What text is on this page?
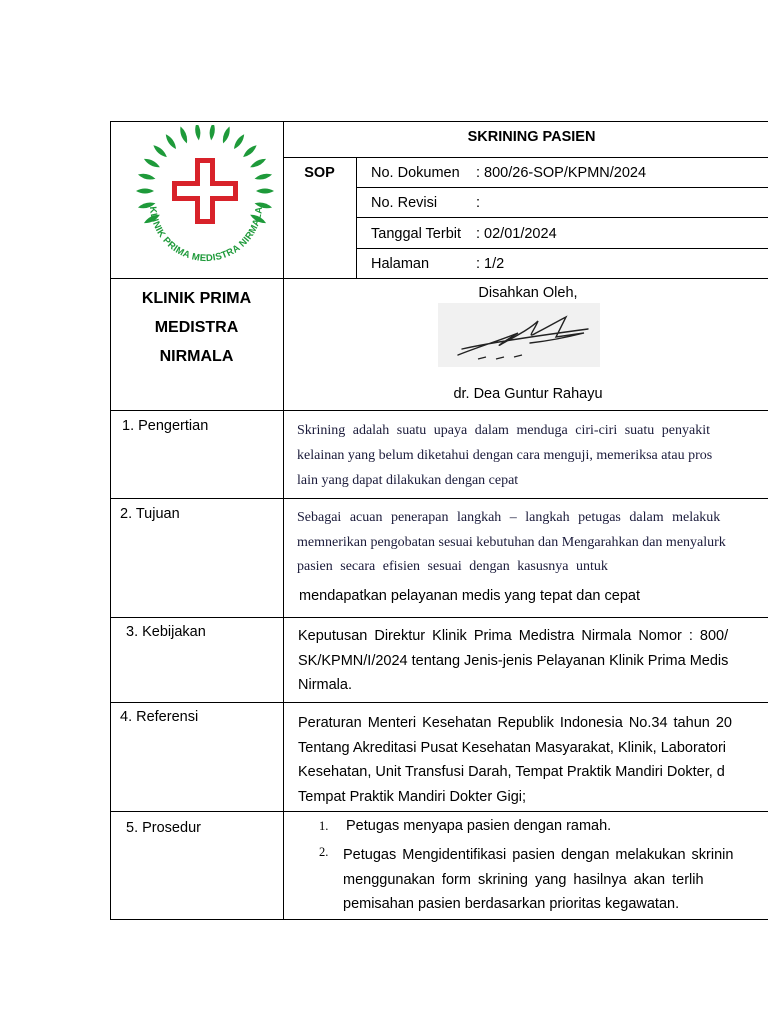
KLINIK PRIMA MEDISTRA NIRMALA
KLINIK PRIMA
MEDISTRA
NIRMALA
SKRINING PASIEN
SOP	No. Dokumen : 800/26-SOP/KPMN/2024
No. Revisi	:
Tanggal Terbit : 02/01/2024
Halaman	: 1/2
Disahkan Oleh,
dr. Dea Guntur Rahayu
1. Pengertian	Skrining adalah suatu upaya dalam menduga ciri-ciri suatu penyakit
kelainan yang belum diketahui dengan cara menguji, memeriksa atau pros
lain yang dapat dilakukan dengan cepat
2. Tujuan	Sebagai acuan penerapan langkah – langkah petugas dalam melakuk
memnerikan pengobatan sesuai kebutuhan dan Mengarahkan dan menyalurk
pasien secara efisien sesuai dengan kasusnya untuk
mendapatkan pelayanan medis yang tepat dan cepat
3. Kebijakan	Keputusan Direktur Klinik Prima Medistra Nirmala Nomor : 800/
SK/KPMN/I/2024 tentang Jenis-jenis Pelayanan Klinik Prima Medis
Nirmala.
4. Referensi	Peraturan Menteri Kesehatan Republik Indonesia No.34 tahun 20
Tentang Akreditasi Pusat Kesehatan Masyarakat, Klinik, Laboratori
Kesehatan, Unit Transfusi Darah, Tempat Praktik Mandiri Dokter, d
Tempat Praktik Mandiri Dokter Gigi;
5. Prosedur	1. Petugas menyapa pasien dengan ramah.
2. Petugas Mengidentifikasi pasien dengan melakukan skrinin
menggunakan form skrining yang hasilnya akan terlih
pemisahan pasien berdasarkan prioritas kegawatan.
